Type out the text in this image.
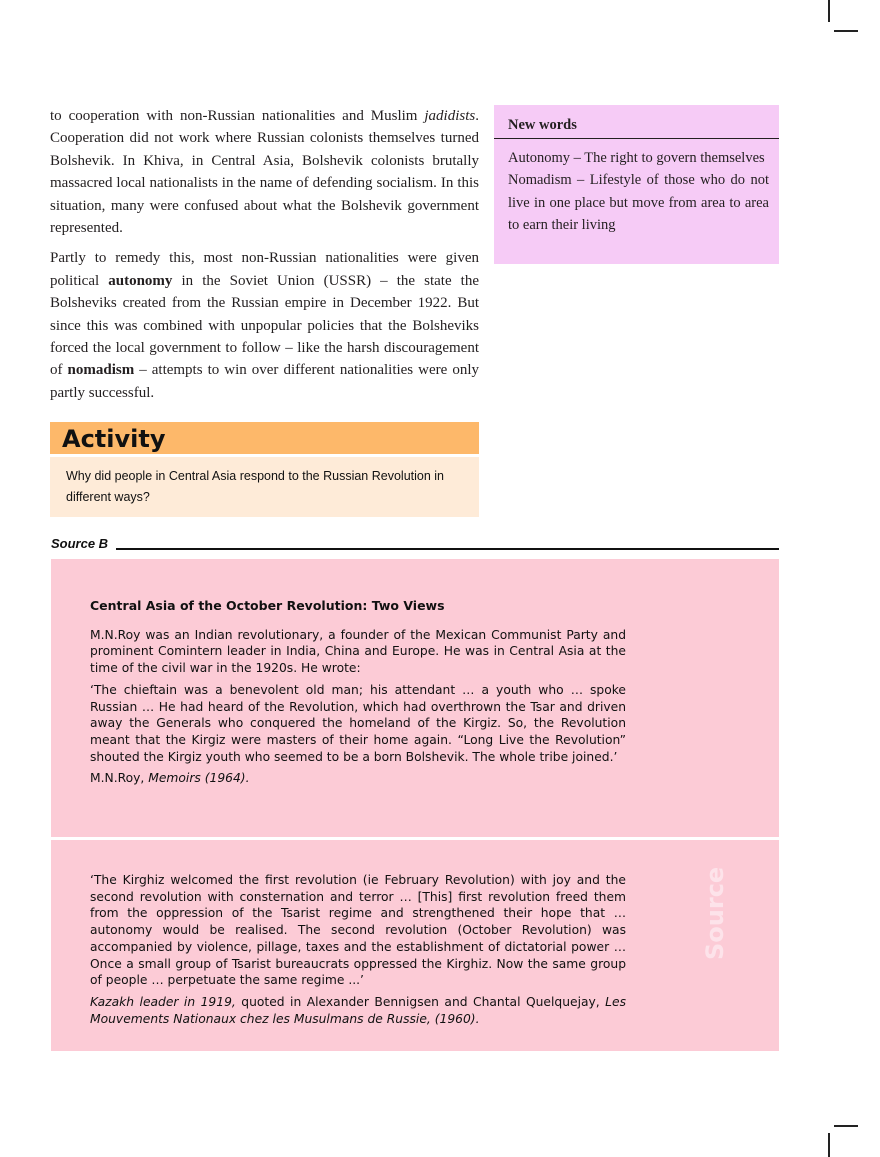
to cooperation with non-Russian nationalities and Muslim jadidists. Cooperation did not work where Russian colonists themselves turned Bolshevik. In Khiva, in Central Asia, Bolshevik colonists brutally massacred local nationalists in the name of defending socialism. In this situation, many were confused about what the Bolshevik government represented.

Partly to remedy this, most non-Russian nationalities were given political autonomy in the Soviet Union (USSR) – the state the Bolsheviks created from the Russian empire in December 1922. But since this was combined with unpopular policies that the Bolsheviks forced the local government to follow – like the harsh discouragement of nomadism – attempts to win over different nationalities were only partly successful.

New words
Autonomy – The right to govern themselves
Nomadism – Lifestyle of those who do not live in one place but move from area to area to earn their living
Activity
Why did people in Central Asia respond to the Russian Revolution in different ways?
Source B

Central Asia of the October Revolution: Two Views

M.N.Roy was an Indian revolutionary, a founder of the Mexican Communist Party and prominent Comintern leader in India, China and Europe. He was in Central Asia at the time of the civil war in the 1920s. He wrote:

‘The chieftain was a benevolent old man; his attendant … a youth who … spoke Russian … He had heard of the Revolution, which had overthrown the Tsar and driven away the Generals who conquered the homeland of the Kirgiz. So, the Revolution meant that the Kirgiz were masters of their home again. “Long Live the Revolution” shouted the Kirgiz youth who seemed to be a born Bolshevik. The whole tribe joined.’

M.N.Roy, Memoirs (1964).

‘The Kirghiz welcomed the first revolution (ie February Revolution) with joy and the second revolution with consternation and terror … [This] first revolution freed them from the oppression of the Tsarist regime and strengthened their hope that … autonomy would be realised. The second revolution (October Revolution) was accompanied by violence, pillage, taxes and the establishment of dictatorial power … Once a small group of Tsarist bureaucrats oppressed the Kirghiz. Now the same group of people … perpetuate the same regime ...’

Kazakh leader in 1919, quoted in Alexander Bennigsen and Chantal Quelquejay, Les Mouvements Nationaux chez les Musulmans de Russie, (1960).

Source
